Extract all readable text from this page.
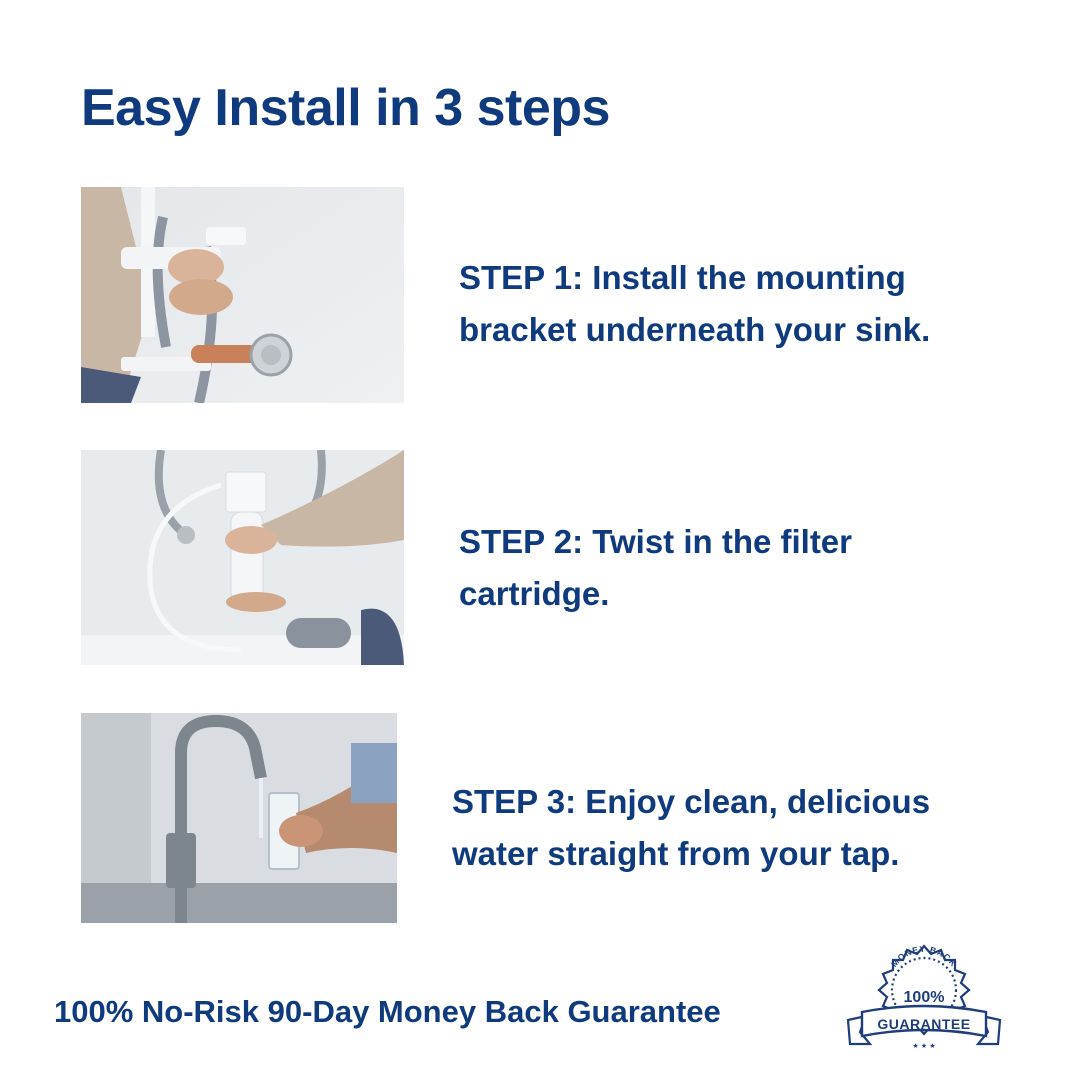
Easy Install in 3 steps
STEP 1: Install the mounting
bracket underneath your sink.
STEP 2: Twist in the filter
cartridge.
STEP 3: Enjoy clean, delicious
water straight from your tap.
100% No-Risk 90-Day Money Back Guarantee
MONEY BACK
100%
GUARANTEE
★ ★ ★
